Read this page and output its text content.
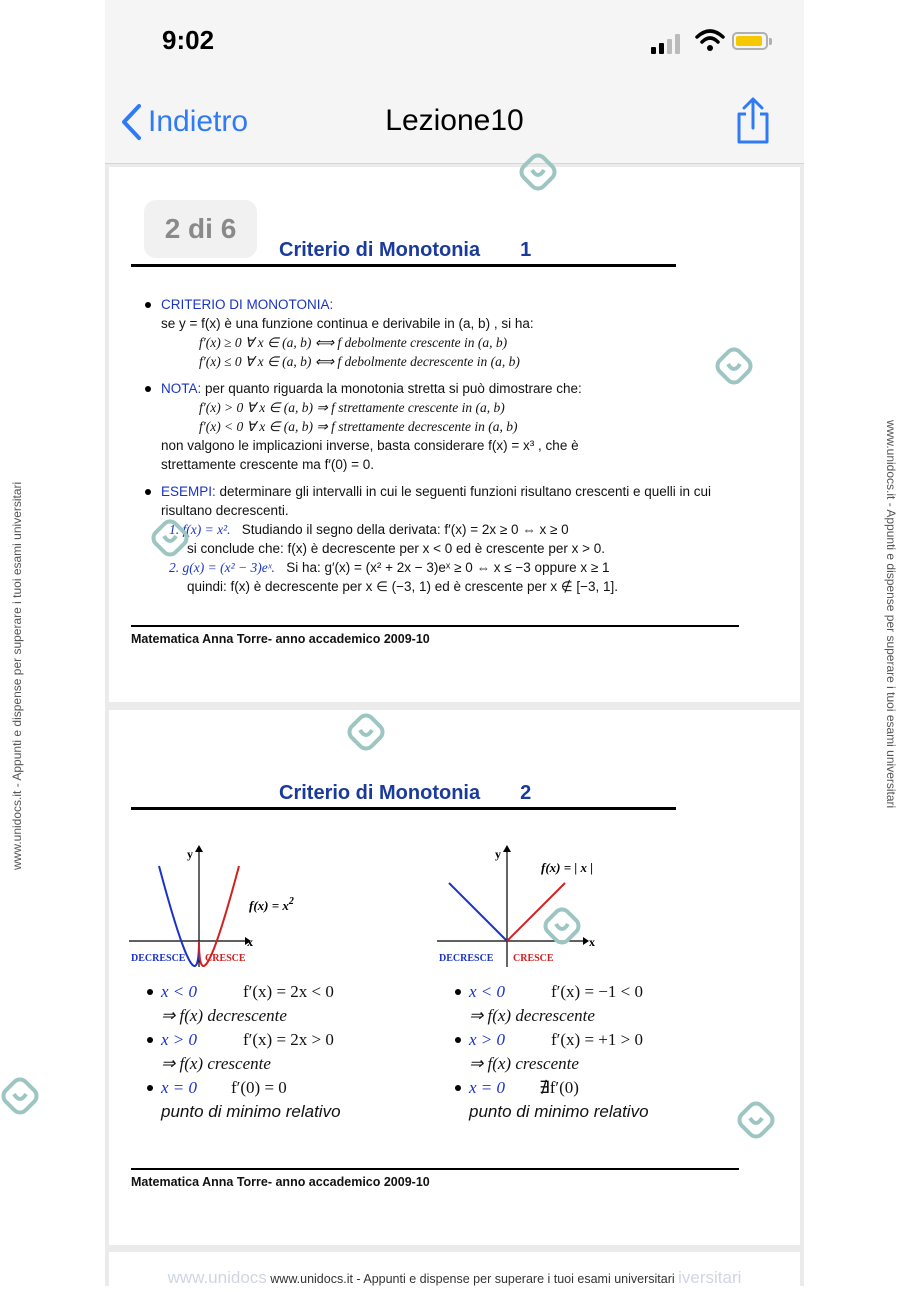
www.unidocs.it - Appunti e dispense per superare i tuoi esami universitari	www.unidocs.it - Appunti e dispense per superare i tuoi esami universitari
9:02
Indietro	Lezione10
2 di 6
Criterio di Monotonia 1
CRITERIO DI MONOTONIA:
se y = f(x) è una funzione continua e derivabile in (a, b) , si ha:
f′(x) ≥ 0 ∀ x ∈ (a, b) ⟺ f debolmente crescente in (a, b)
f′(x) ≤ 0 ∀ x ∈ (a, b) ⟺ f debolmente decrescente in (a, b)
NOTA: per quanto riguarda la monotonia stretta si può dimostrare che:
f′(x) > 0 ∀ x ∈ (a, b) ⇒ f strettamente crescente in (a, b)
f′(x) < 0 ∀ x ∈ (a, b) ⇒ f strettamente decrescente in (a, b)
non valgono le implicazioni inverse, basta considerare f(x) = x³ , che è
strettamente crescente ma f′(0) = 0.
ESEMPI: determinare gli intervalli in cui le seguenti funzioni risultano crescenti e quelli in cui risultano decrescenti.
1. f(x) = x². Studiando il segno della derivata: f′(x) = 2x ≥ 0 ⇔ x ≥ 0
si conclude che: f(x) è decrescente per x < 0 ed è crescente per x > 0.
2. g(x) = (x² − 3)eˣ. Si ha: g′(x) = (x² + 2x − 3)eˣ ≥ 0 ⇔ x ≤ −3 oppure x ≥ 1
quindi: f(x) è decrescente per x ∈ (−3, 1) ed è crescente per x ∉ [−3, 1].
Matematica Anna Torre- anno accademico 2009-10
Criterio di Monotonia 2
y
x
$f(x) = x^2$
DECRESCE CRESCE
y
x
f(x) = | x |
DECRESCE CRESCE
x < 0	f′(x) = 2x < 0
⇒ f(x) decrescente
x > 0	f′(x) = 2x > 0
⇒ f(x) crescente
x = 0 f′(0) = 0
punto di minimo relativo
x < 0	f′(x) = −1 < 0
⇒ f(x) decrescente
x > 0	f′(x) = +1 > 0
⇒ f(x) crescente
x = 0 ∄f′(0)
punto di minimo relativo
Matematica Anna Torre- anno accademico 2009-10
www.unidocs www.unidocs.it - Appunti e dispense per superare i tuoi esami universitari iversitari
